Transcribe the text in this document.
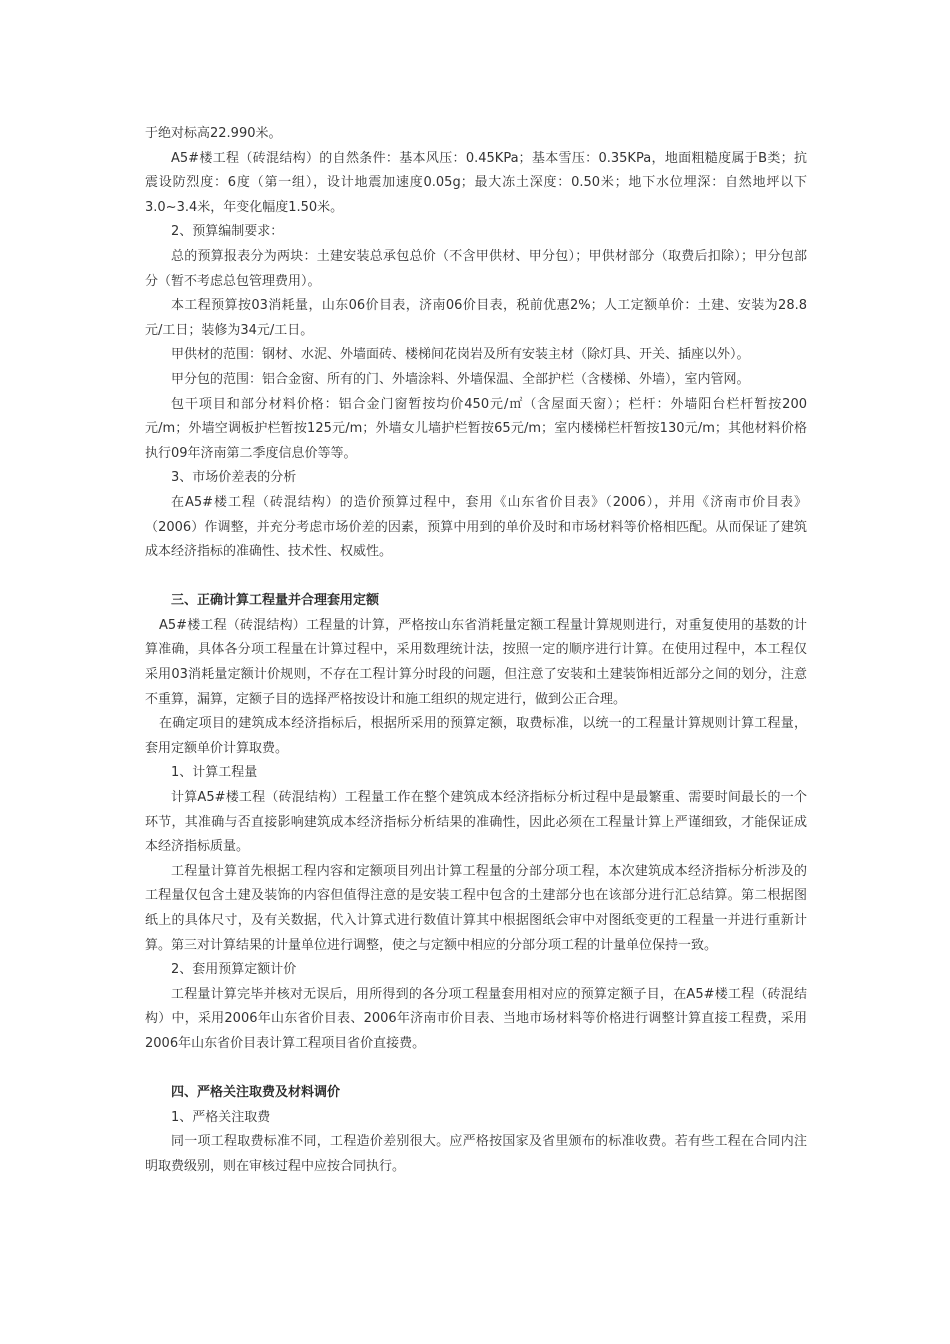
于绝对标高22.990米。

A5#楼工程（砖混结构）的自然条件：基本风压：0.45KPa；基本雪压：0.35KPa，地面粗糙度属于B类；抗震设防烈度：6度（第一组），设计地震加速度0.05g；最大冻土深度：0.50米；地下水位埋深：自然地坪以下3.0~3.4米，年变化幅度1.50米。

2、预算编制要求：

总的预算报表分为两块：土建安装总承包总价（不含甲供材、甲分包）；甲供材部分（取费后扣除）；甲分包部分（暂不考虑总包管理费用）。

本工程预算按03消耗量，山东06价目表，济南06价目表，税前优惠2%；人工定额单价：土建、安装为28.8元/工日；装修为34元/工日。

甲供材的范围：钢材、水泥、外墙面砖、楼梯间花岗岩及所有安装主材（除灯具、开关、插座以外）。

甲分包的范围：铝合金窗、所有的门、外墙涂料、外墙保温、全部护栏（含楼梯、外墙），室内管网。

包干项目和部分材料价格：铝合金门窗暂按均价450元/㎡（含屋面天窗）；栏杆：外墙阳台栏杆暂按200元/m；外墙空调板护栏暂按125元/m；外墙女儿墙护栏暂按65元/m；室内楼梯栏杆暂按130元/m；其他材料价格执行09年济南第二季度信息价等等。

3、市场价差表的分析

在A5#楼工程（砖混结构）的造价预算过程中，套用《山东省价目表》（2006），并用《济南市价目表》（2006）作调整，并充分考虑市场价差的因素，预算中用到的单价及时和市场材料等价格相匹配。从而保证了建筑成本经济指标的准确性、技术性、权威性。

三、正确计算工程量并合理套用定额

A5#楼工程（砖混结构）工程量的计算，严格按山东省消耗量定额工程量计算规则进行，对重复使用的基数的计算准确，具体各分项工程量在计算过程中，采用数理统计法，按照一定的顺序进行计算。在使用过程中，本工程仅采用03消耗量定额计价规则，不存在工程计算分时段的问题，但注意了安装和土建装饰相近部分之间的划分，注意不重算，漏算，定额子目的选择严格按设计和施工组织的规定进行，做到公正合理。

在确定项目的建筑成本经济指标后，根据所采用的预算定额，取费标准，以统一的工程量计算规则计算工程量，套用定额单价计算取费。

1、计算工程量

计算A5#楼工程（砖混结构）工程量工作在整个建筑成本经济指标分析过程中是最繁重、需要时间最长的一个环节，其准确与否直接影响建筑成本经济指标分析结果的准确性，因此必须在工程量计算上严谨细致，才能保证成本经济指标质量。

工程量计算首先根据工程内容和定额项目列出计算工程量的分部分项工程，本次建筑成本经济指标分析涉及的工程量仅包含土建及装饰的内容但值得注意的是安装工程中包含的土建部分也在该部分进行汇总结算。第二根据图纸上的具体尺寸，及有关数据，代入计算式进行数值计算其中根据图纸会审中对图纸变更的工程量一并进行重新计算。第三对计算结果的计量单位进行调整，使之与定额中相应的分部分项工程的计量单位保持一致。

2、套用预算定额计价

工程量计算完毕并核对无误后，用所得到的各分项工程量套用相对应的预算定额子目，在A5#楼工程（砖混结构）中，采用2006年山东省价目表、2006年济南市价目表、当地市场材料等价格进行调整计算直接工程费，采用2006年山东省价目表计算工程项目省价直接费。

四、严格关注取费及材料调价

1、严格关注取费

同一项工程取费标准不同，工程造价差别很大。应严格按国家及省里颁布的标准收费。若有些工程在合同内注明取费级别，则在审核过程中应按合同执行。
